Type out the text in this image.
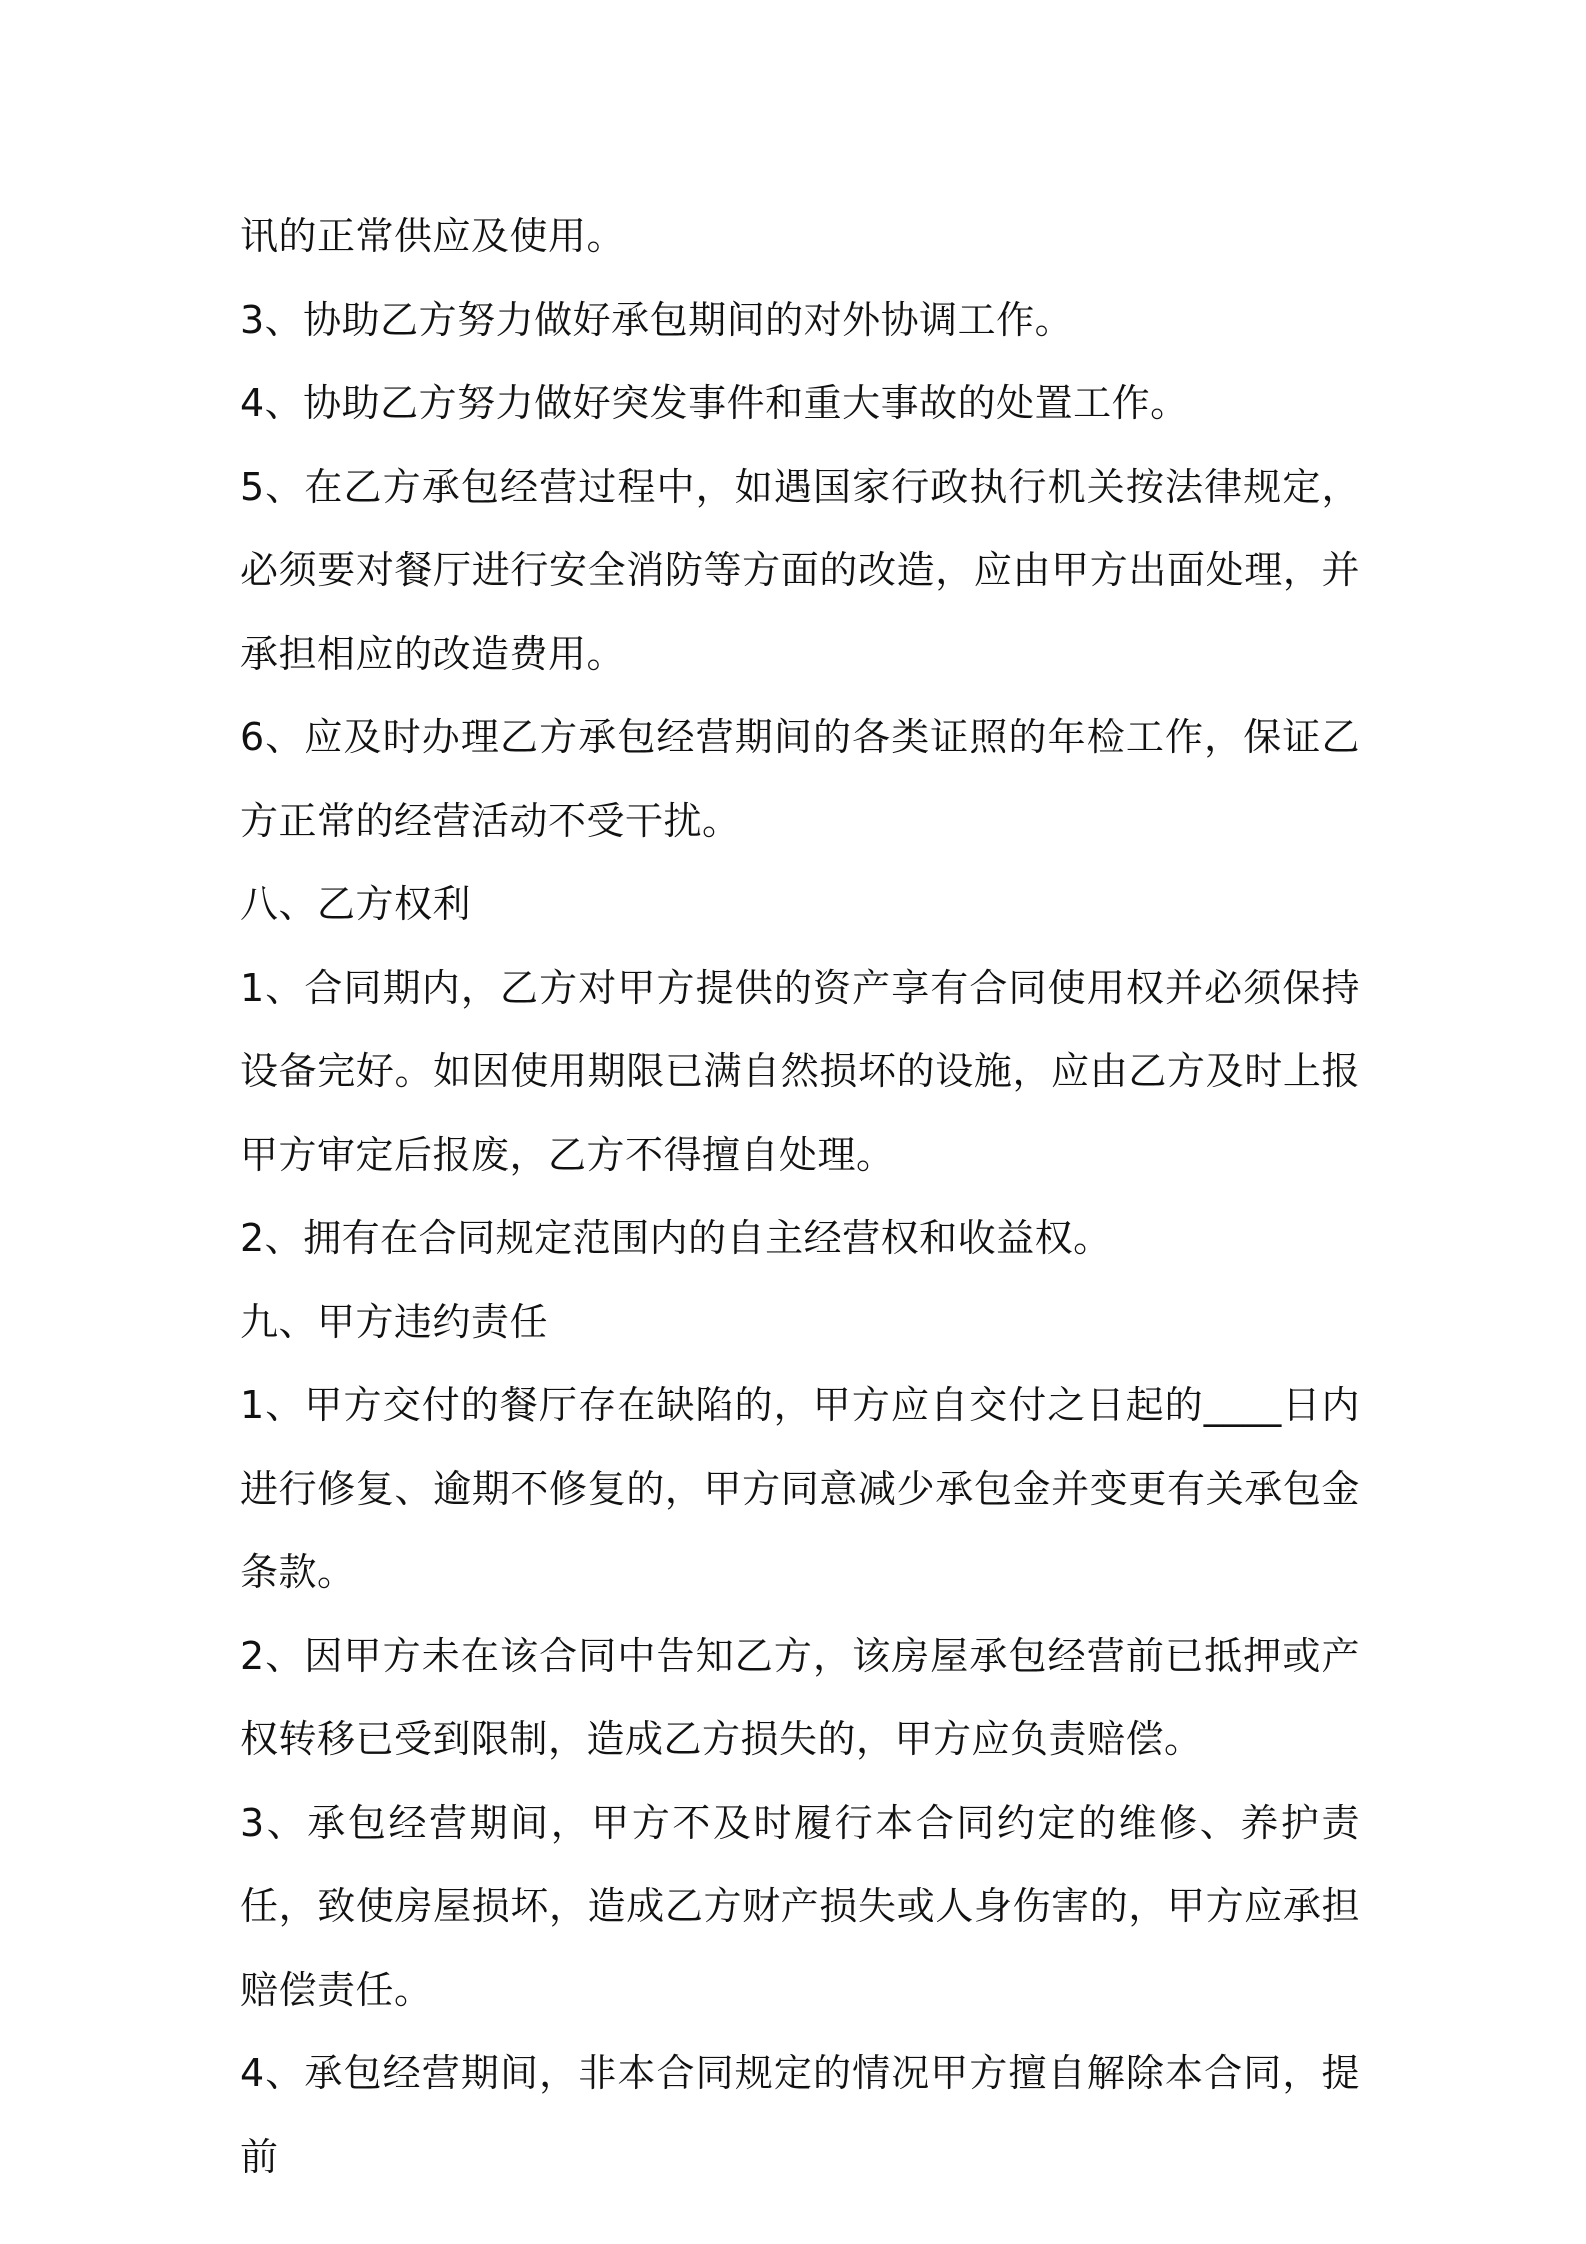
讯的正常供应及使用。

3、协助乙方努力做好承包期间的对外协调工作。

4、协助乙方努力做好突发事件和重大事故的处置工作。

5、在乙方承包经营过程中，如遇国家行政执行机关按法律规定，必须要对餐厅进行安全消防等方面的改造，应由甲方出面处理，并承担相应的改造费用。

6、应及时办理乙方承包经营期间的各类证照的年检工作，保证乙方正常的经营活动不受干扰。

八、乙方权利

1、合同期内，乙方对甲方提供的资产享有合同使用权并必须保持设备完好。如因使用期限已满自然损坏的设施，应由乙方及时上报甲方审定后报废，乙方不得擅自处理。

2、拥有在合同规定范围内的自主经营权和收益权。

九、甲方违约责任

1、甲方交付的餐厅存在缺陷的，甲方应自交付之日起的____日内进行修复、逾期不修复的，甲方同意减少承包金并变更有关承包金条款。

2、因甲方未在该合同中告知乙方，该房屋承包经营前已抵押或产权转移已受到限制，造成乙方损失的，甲方应负责赔偿。

3、承包经营期间，甲方不及时履行本合同约定的维修、养护责任，致使房屋损坏，造成乙方财产损失或人身伤害的，甲方应承担赔偿责任。

4、承包经营期间，非本合同规定的情况甲方擅自解除本合同，提前
